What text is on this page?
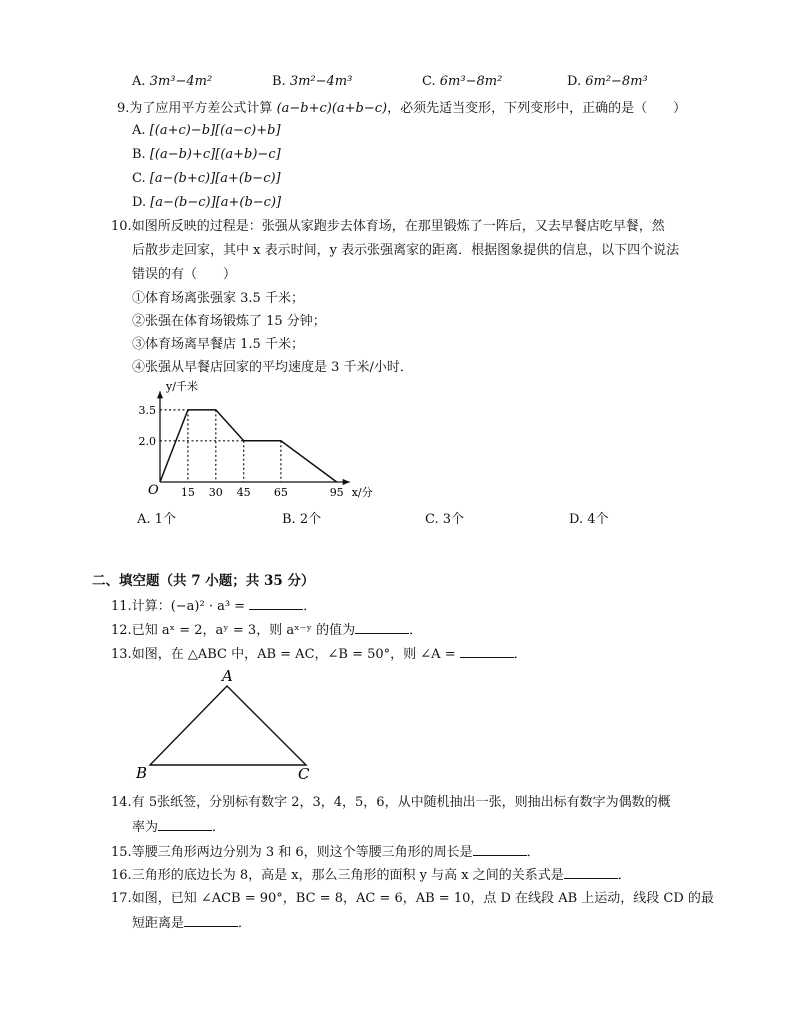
A. 3m³−4m²	B. 3m²−4m³	C. 6m³−8m²	D. 6m²−8m³
9.为了应用平方差公式计算 (a−b+c)(a+b−c)，必须先适当变形，下列变形中，正确的是（　　）
A. [(a+c)−b][(a−c)+b]
B. [(a−b)+c][(a+b)−c]
C. [a−(b+c)][a+(b−c)]
D. [a−(b−c)][a+(b−c)]
10.如图所反映的过程是：张强从家跑步去体育场，在那里锻炼了一阵后，又去早餐店吃早餐，然
后散步走回家，其中 x 表示时间，y 表示张强离家的距离．根据图象提供的信息，以下四个说法
错误的有（　　）
①体育场离张强家 3.5 千米；
②张强在体育场锻炼了 15 分钟；
③体育场离早餐店 1.5 千米；
④张强从早餐店回家的平均速度是 3 千米/小时．
15 30 45 65	95
3.5
2.0
O
y/千米
x/分
A. 1个	B. 2个	C. 3个	D. 4个
二、填空题（共 7 小题；共 35 分）
11.计算：(−a)² · a³ =	．
12.已知 aˣ = 2，aʸ = 3，则 aˣ⁻ʸ 的值为	．
13.如图，在 △ABC 中，AB = AC，∠B = 50°，则 ∠A =	．
A
B	C
14.有 5张纸签，分别标有数字 2，3，4，5，6，从中随机抽出一张，则抽出标有数字为偶数的概
率为	．
15.等腰三角形两边分别为 3 和 6，则这个等腰三角形的周长是	．
16.三角形的底边长为 8，高是 x，那么三角形的面积 y 与高 x 之间的关系式是	．
17.如图，已知 ∠ACB = 90°，BC = 8，AC = 6，AB = 10，点 D 在线段 AB 上运动，线段 CD 的最
短距离是	．
